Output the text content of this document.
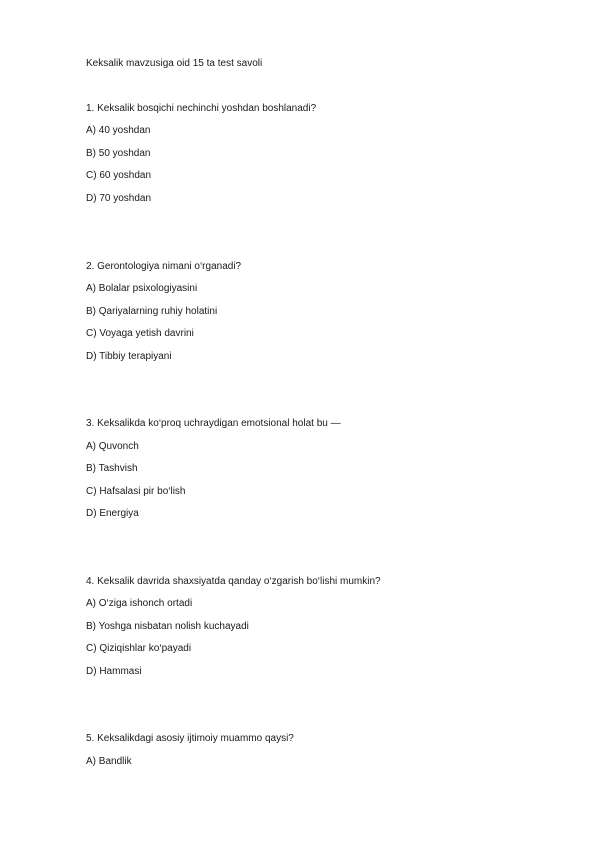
Keksalik mavzusiga oid 15 ta test savoli
1. Keksalik bosqichi nechinchi yoshdan boshlanadi?
A) 40 yoshdan
B) 50 yoshdan
C) 60 yoshdan
D) 70 yoshdan
2. Gerontologiya nimani o‘rganadi?
A) Bolalar psixologiyasini
B) Qariyalarning ruhiy holatini
C) Voyaga yetish davrini
D) Tibbiy terapiyani
3. Keksalikda ko‘proq uchraydigan emotsional holat bu —
A) Quvonch
B) Tashvish
C) Hafsalasi pir bo‘lish
D) Energiya
4. Keksalik davrida shaxsiyatda qanday o‘zgarish bo‘lishi mumkin?
A) O‘ziga ishonch ortadi
B) Yoshga nisbatan nolish kuchayadi
C) Qiziqishlar ko‘payadi
D) Hammasi
5. Keksalikdagi asosiy ijtimoiy muammo qaysi?
A) Bandlik
